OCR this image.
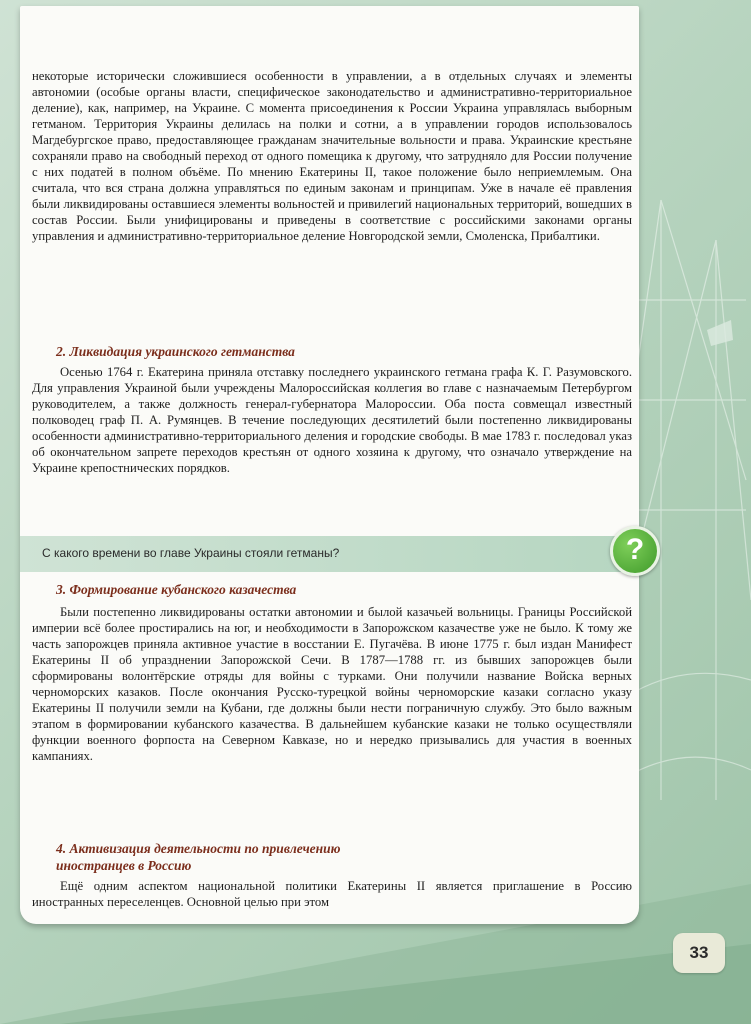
некоторые исторически сложившиеся особенности в управлении, а в отдельных случаях и элементы автономии (особые органы власти, специфическое законодательство и административно-территориальное деление), как, например, на Украине. С момента присоединения к России Украина управлялась выборным гетманом. Территория Украины делилась на полки и сотни, а в управлении городов использовалось Магдебургское право, предоставляющее гражданам значительные вольности и права. Украинские крестьяне сохраняли право на свободный переход от одного помещика к другому, что затрудняло для России получение с них податей в полном объёме. По мнению Екатерины II, такое положение было неприемлемым. Она считала, что вся страна должна управляться по единым законам и принципам. Уже в начале её правления были ликвидированы оставшиеся элементы вольностей и привилегий национальных территорий, вошедших в состав России. Были унифицированы и приведены в соответствие с российскими законами органы управления и административно-территориальное деление Новгородской земли, Смоленска, Прибалтики.
2. Ликвидация украинского гетманства
Осенью 1764 г. Екатерина приняла отставку последнего украинского гетмана графа К. Г. Разумовского. Для управления Украиной были учреждены Малороссийская коллегия во главе с назначаемым Петербургом руководителем, а также должность генерал-губернатора Малороссии. Оба поста совмещал известный полководец граф П. А. Румянцев. В течение последующих десятилетий были постепенно ликвидированы особенности административно-территориального деления и городские свободы. В мае 1783 г. последовал указ об окончательном запрете переходов крестьян от одного хозяина к другому, что означало утверждение на Украине крепостнических порядков.
С какого времени во главе Украины стояли гетманы?
3. Формирование кубанского казачества
Были постепенно ликвидированы остатки автономии и былой казачьей вольницы. Границы Российской империи всё более простирались на юг, и необходимости в Запорожском казачестве уже не было. К тому же часть запорожцев приняла активное участие в восстании Е. Пугачёва. В июне 1775 г. был издан Манифест Екатерины II об упразднении Запорожской Сечи. В 1787—1788 гг. из бывших запорожцев были сформированы волонтёрские отряды для войны с турками. Они получили название Войска верных черноморских казаков. После окончания Русско-турецкой войны черноморские казаки согласно указу Екатерины II получили земли на Кубани, где должны были нести пограничную службу. Это было важным этапом в формировании кубанского казачества. В дальнейшем кубанские казаки не только осуществляли функции военного форпоста на Северном Кавказе, но и нередко призывались для участия в военных кампаниях.
4. Активизация деятельности по привлечению
иностранцев в Россию
Ещё одним аспектом национальной политики Екатерины II является приглашение в Россию иностранных переселенцев. Основной целью при этом
?
33
